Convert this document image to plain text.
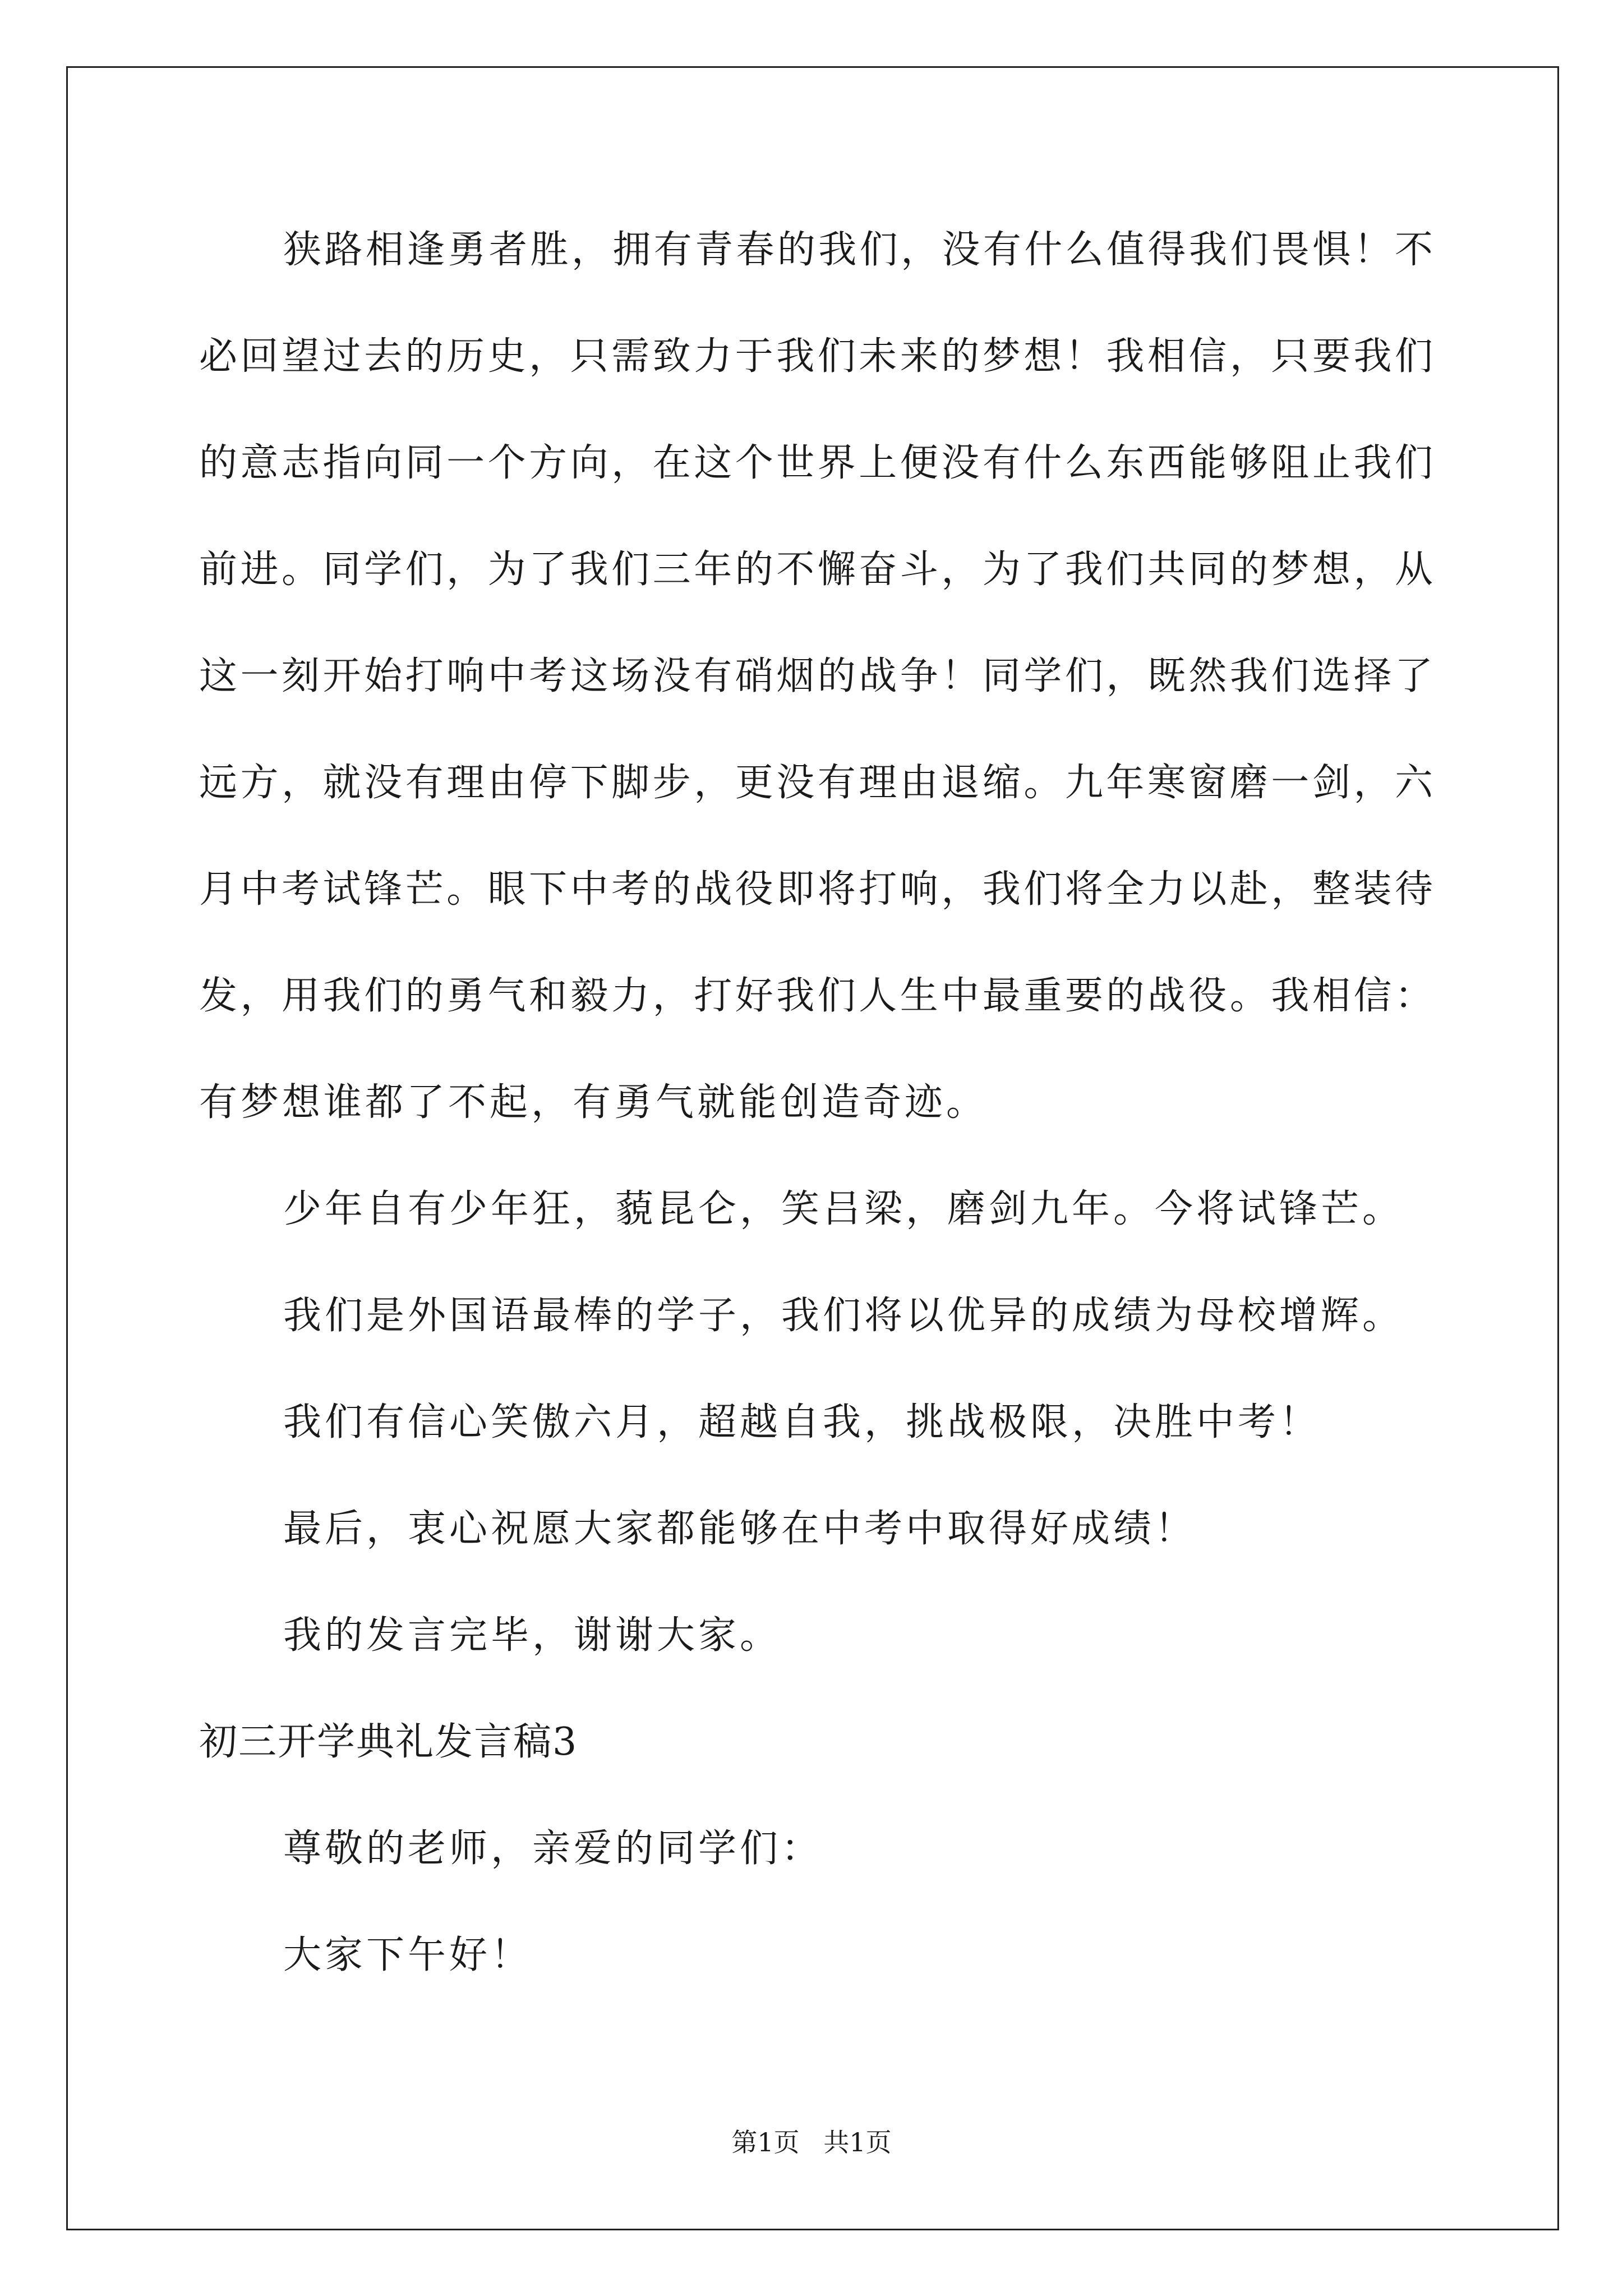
狭路相逢勇者胜，拥有青春的我们，没有什么值得我们畏惧！不
必回望过去的历史，只需致力于我们未来的梦想！我相信，只要我们
的意志指向同一个方向，在这个世界上便没有什么东西能够阻止我们
前进。同学们，为了我们三年的不懈奋斗，为了我们共同的梦想，从
这一刻开始打响中考这场没有硝烟的战争！同学们，既然我们选择了
远方，就没有理由停下脚步，更没有理由退缩。九年寒窗磨一剑，六
月中考试锋芒。眼下中考的战役即将打响，我们将全力以赴，整装待
发，用我们的勇气和毅力，打好我们人生中最重要的战役。我相信：
有梦想谁都了不起，有勇气就能创造奇迹。
少年自有少年狂，藐昆仑，笑吕梁，磨剑九年。今将试锋芒。
我们是外国语最棒的学子，我们将以优异的成绩为母校增辉。
我们有信心笑傲六月，超越自我，挑战极限，决胜中考！
最后，衷心祝愿大家都能够在中考中取得好成绩！
我的发言完毕，谢谢大家。
初三开学典礼发言稿3
尊敬的老师，亲爱的同学们：
大家下午好！
第1页 共1页
